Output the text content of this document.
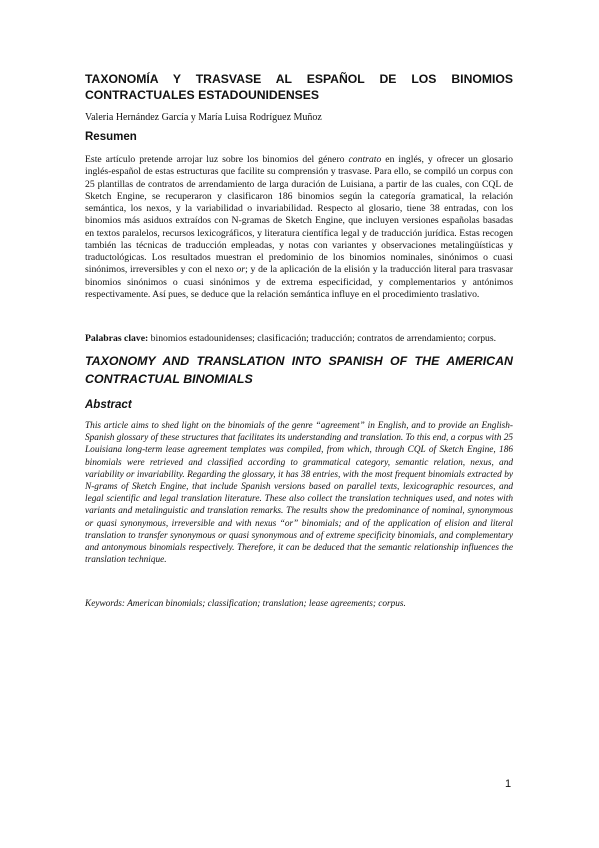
TAXONOMÍA Y TRASVASE AL ESPAÑOL DE LOS BINOMIOS CONTRACTUALES ESTADOUNIDENSES

Valeria Hernández García y María Luisa Rodríguez Muñoz

Resumen

Este artículo pretende arrojar luz sobre los binomios del género contrato en inglés, y ofrecer un glosario inglés-español de estas estructuras que facilite su comprensión y trasvase. Para ello, se compiló un corpus con 25 plantillas de contratos de arrendamiento de larga duración de Luisiana, a partir de las cuales, con CQL de Sketch Engine, se recuperaron y clasificaron 186 binomios según la categoría gramatical, la relación semántica, los nexos, y la variabilidad o invariabilidad. Respecto al glosario, tiene 38 entradas, con los binomios más asiduos extraídos con N-gramas de Sketch Engine, que incluyen versiones españolas basadas en textos paralelos, recursos lexicográficos, y literatura científica legal y de traducción jurídica. Estas recogen también las técnicas de traducción empleadas, y notas con variantes y observaciones metalingüísticas y traductológicas. Los resultados muestran el predominio de los binomios nominales, sinónimos o cuasi sinónimos, irreversibles y con el nexo or; y de la aplicación de la elisión y la traducción literal para trasvasar binomios sinónimos o cuasi sinónimos y de extrema especificidad, y complementarios y antónimos respectivamente. Así pues, se deduce que la relación semántica influye en el procedimiento traslativo.

Palabras clave: binomios estadounidenses; clasificación; traducción; contratos de arrendamiento; corpus.

TAXONOMY AND TRANSLATION INTO SPANISH OF THE AMERICAN CONTRACTUAL BINOMIALS
Abstract

This article aims to shed light on the binomials of the genre “agreement” in English, and to provide an English-Spanish glossary of these structures that facilitates its understanding and translation. To this end, a corpus with 25 Louisiana long-term lease agreement templates was compiled, from which, through CQL of Sketch Engine, 186 binomials were retrieved and classified according to grammatical category, semantic relation, nexus, and variability or invariability. Regarding the glossary, it has 38 entries, with the most frequent binomials extracted by N-grams of Sketch Engine, that include Spanish versions based on parallel texts, lexicographic resources, and legal scientific and legal translation literature. These also collect the translation techniques used, and notes with variants and metalinguistic and translation remarks. The results show the predominance of nominal, synonymous or quasi synonymous, irreversible and with nexus “or” binomials; and of the application of elision and literal translation to transfer synonymous or quasi synonymous and of extreme specificity binomials, and complementary and antonymous binomials respectively. Therefore, it can be deduced that the semantic relationship influences the translation technique.

Keywords: American binomials; classification; translation; lease agreements; corpus.

1
